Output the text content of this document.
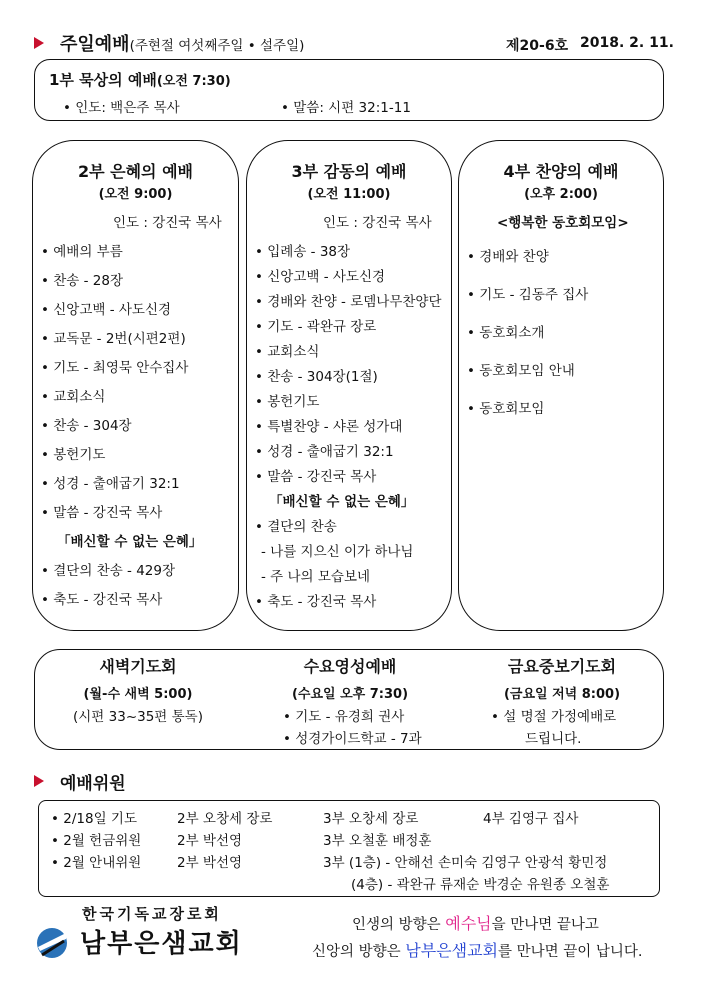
주일예배(주현절 여섯째주일 • 설주일)	제20-6호 2018. 2. 11.
1부 묵상의 예배(오전 7:30)
• 인도: 백은주 목사	• 말씀: 시편 32:1-11
2부 은혜의 예배
(오전 9:00)
인도 : 강진국 목사
• 예배의 부름
• 찬송 - 28장
• 신앙고백 - 사도신경
• 교독문 - 2번(시편2편)
• 기도 - 최영묵 안수집사
• 교회소식
• 찬송 - 304장
• 봉헌기도
• 성경 - 출애굽기 32:1
• 말씀 - 강진국 목사
「배신할 수 없는 은혜」
• 결단의 찬송 - 429장
• 축도 - 강진국 목사
3부 감동의 예배
(오전 11:00)
인도 : 강진국 목사
• 입례송 - 38장
• 신앙고백 - 사도신경
• 경배와 찬양 - 로뎀나무찬양단
• 기도 - 곽완규 장로
• 교회소식
• 찬송 - 304장(1절)
• 봉헌기도
• 특별찬양 - 샤론 성가대
• 성경 - 출애굽기 32:1
• 말씀 - 강진국 목사
「배신할 수 없는 은혜」
• 결단의 찬송
- 나를 지으신 이가 하나님
- 주 나의 모습보네
• 축도 - 강진국 목사
4부 찬양의 예배
(오후 2:00)
<행복한 동호회모임>
• 경배와 찬양
• 기도 - 김동주 집사
• 동호회소개
• 동호회모임 안내
• 동호회모임
새벽기도회
(월-수 새벽 5:00)
(시편 33~35편 통독)
수요영성예배
(수요일 오후 7:30)
• 기도 - 유경희 권사
• 성경가이드학교 - 7과
금요중보기도회
(금요일 저녁 8:00)
• 설 명절 가정예배로
드립니다.
예배위원
• 2/18일 기도	2부 오창세 장로	3부 오창세 장로	4부 김영구 집사
• 2월 헌금위원	2부 박선영	3부 오철훈 배정훈
• 2월 안내위원	2부 박선영	3부 (1층) - 안해선 손미숙 김영구 안광석 황민정
(4층) - 곽완규 류재순 박경순 유원종 오철훈
한국기독교장로회
남부은샘교회
인생의 방향은 예수님을 만나면 끝나고
신앙의 방향은 남부은샘교회를 만나면 끝이 납니다.
